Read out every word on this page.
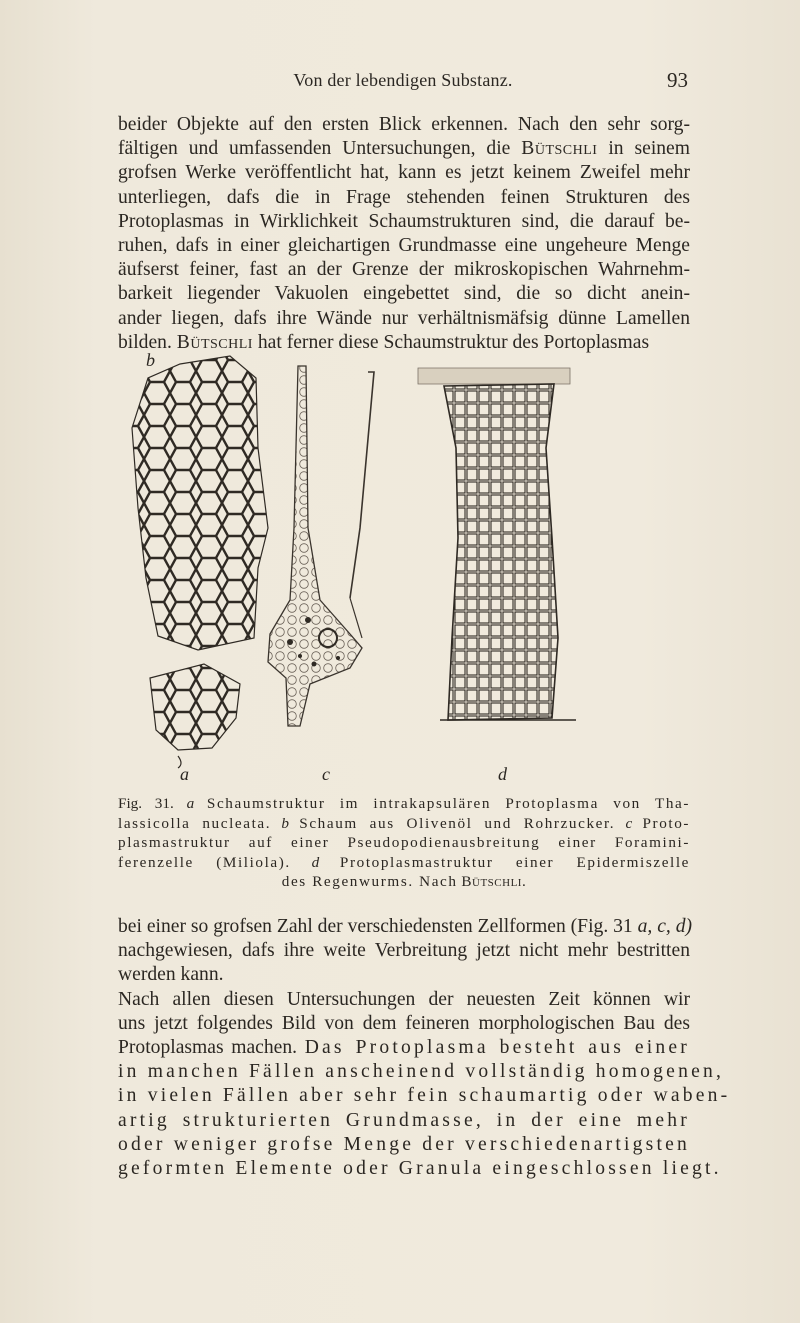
Von der lebendigen Substanz.	93
beider Objekte auf den ersten Blick erkennen. Nach den sehr sorg-
fältigen und umfassenden Untersuchungen, die Bütschli in seinem
grofsen Werke veröffentlicht hat, kann es jetzt keinem Zweifel mehr
unterliegen, dafs die in Frage stehenden feinen Strukturen des
Protoplasmas in Wirklichkeit Schaumstrukturen sind, die darauf be-
ruhen, dafs in einer gleichartigen Grundmasse eine ungeheure Menge
äufserst feiner, fast an der Grenze der mikroskopischen Wahrnehm-
barkeit liegender Vakuolen eingebettet sind, die so dicht anein-
ander liegen, dafs ihre Wände nur verhältnismäfsig dünne Lamellen
bilden. Bütschli hat ferner diese Schaumstruktur des Portoplasmas
b
a	c	d
Fig. 31. a Schaumstruktur im intrakapsulären Protoplasma von Tha-
lassicolla nucleata. b Schaum aus Olivenöl und Rohrzucker. c Proto-
plasmastruktur auf einer Pseudopodienausbreitung einer Foramini-
ferenzelle (Miliola). d Protoplasmastruktur einer Epidermiszelle
des Regenwurms. Nach Bütschli.
bei einer so grofsen Zahl der verschiedensten Zellformen (Fig. 31 a, c, d)
nachgewiesen, dafs ihre weite Verbreitung jetzt nicht mehr bestritten
werden kann.
Nach allen diesen Untersuchungen der neuesten Zeit können wir
uns jetzt folgendes Bild von dem feineren morphologischen Bau des
Protoplasmas machen. Das Protoplasma besteht aus einer
in manchen Fällen anscheinend vollständig homogenen,
in vielen Fällen aber sehr fein schaumartig oder waben-
artig strukturierten Grundmasse, in der eine mehr
oder weniger grofse Menge der verschiedenartigsten
geformten Elemente oder Granula eingeschlossen liegt.
